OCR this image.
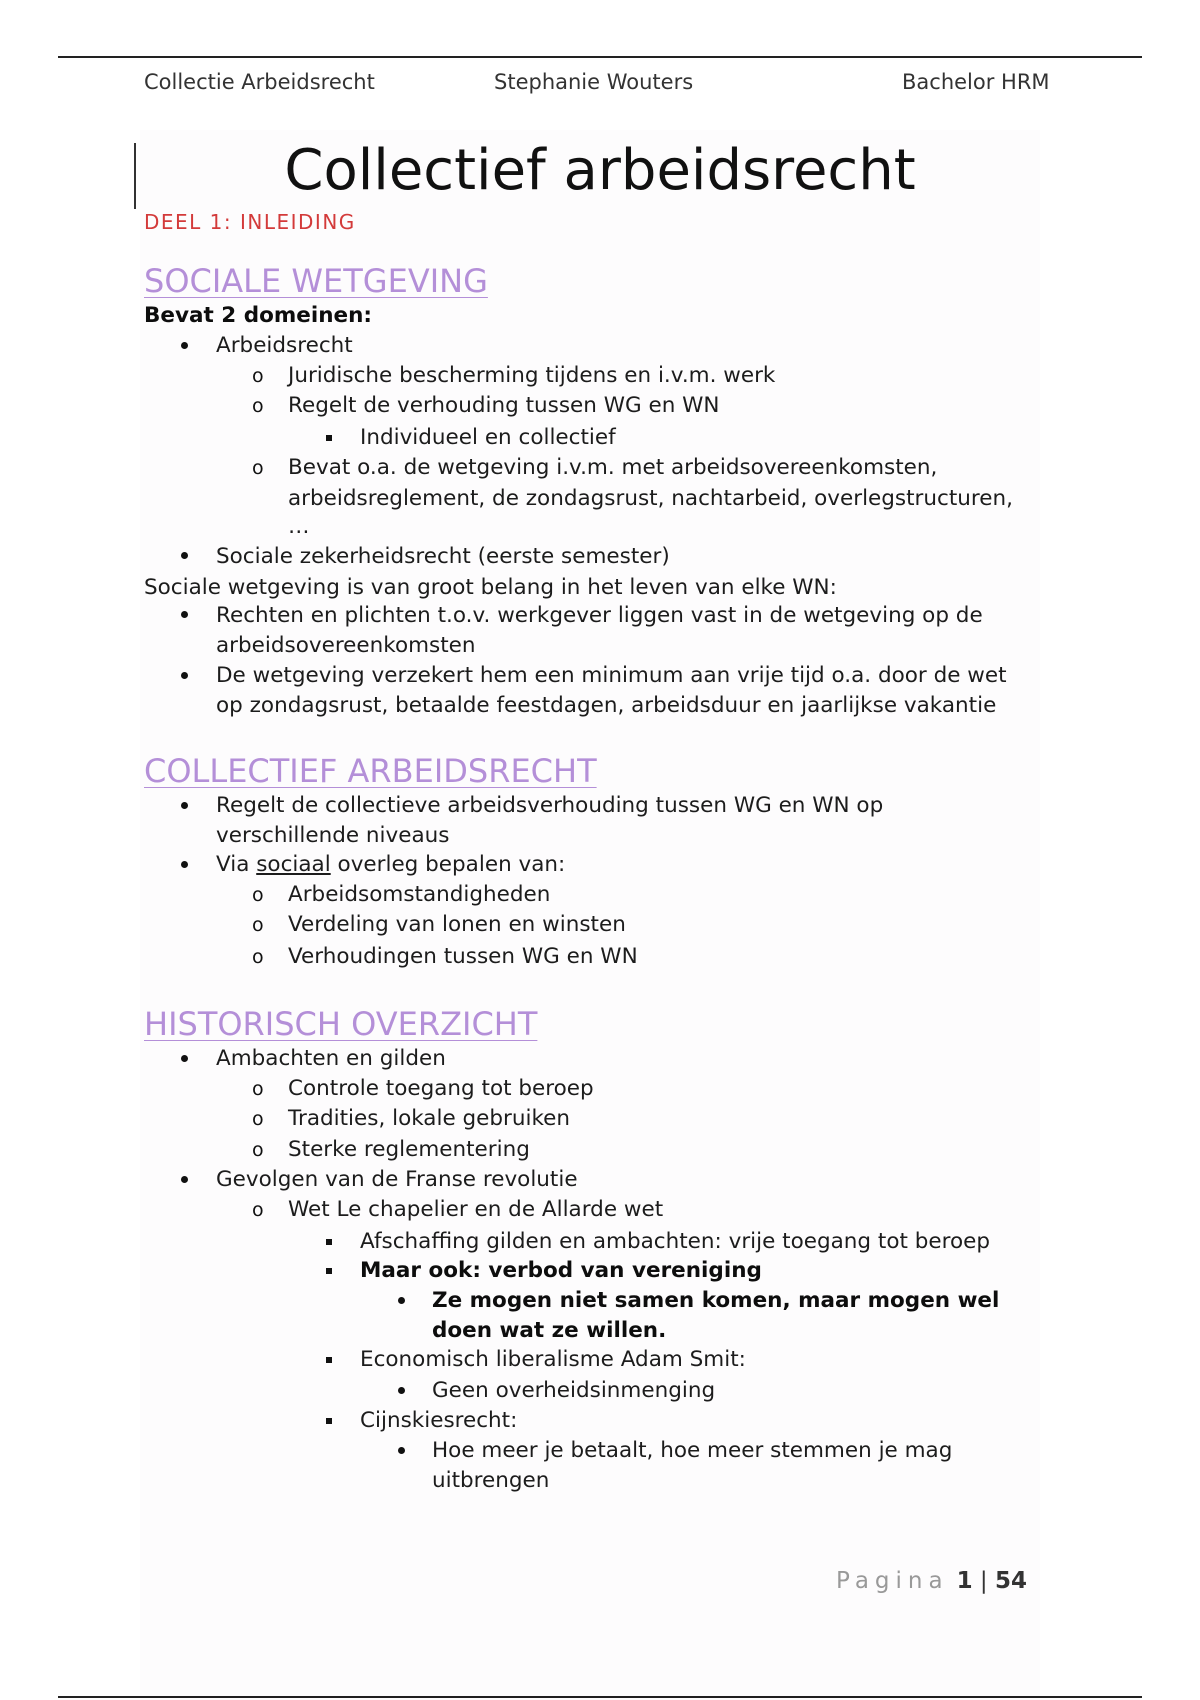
Collectie Arbeidsrecht	Stephanie Wouters	Bachelor HRM
Collectief arbeidsrecht
DEEL 1: INLEIDING
SOCIALE WETGEVING
Bevat 2 domeinen:
Arbeidsrecht
o Juridische bescherming tijdens en i.v.m. werk
o Regelt de verhouding tussen WG en WN
Individueel en collectief
o Bevat o.a. de wetgeving i.v.m. met arbeidsovereenkomsten,
arbeidsreglement, de zondagsrust, nachtarbeid, overlegstructuren,
…
Sociale zekerheidsrecht (eerste semester)
Sociale wetgeving is van groot belang in het leven van elke WN:
Rechten en plichten t.o.v. werkgever liggen vast in de wetgeving op de
arbeidsovereenkomsten
De wetgeving verzekert hem een minimum aan vrije tijd o.a. door de wet
op zondagsrust, betaalde feestdagen, arbeidsduur en jaarlijkse vakantie
COLLECTIEF ARBEIDSRECHT
Regelt de collectieve arbeidsverhouding tussen WG en WN op
verschillende niveaus
Via sociaal overleg bepalen van:
o Arbeidsomstandigheden
o Verdeling van lonen en winsten
o Verhoudingen tussen WG en WN
HISTORISCH OVERZICHT
Ambachten en gilden
o Controle toegang tot beroep
o Tradities, lokale gebruiken
o Sterke reglementering
Gevolgen van de Franse revolutie
o Wet Le chapelier en de Allarde wet
Afschaffing gilden en ambachten: vrije toegang tot beroep
Maar ook: verbod van vereniging
Ze mogen niet samen komen, maar mogen wel
doen wat ze willen.
Economisch liberalisme Adam Smit:
Geen overheidsinmenging
Cijnskiesrecht:
Hoe meer je betaalt, hoe meer stemmen je mag
uitbrengen
Pagina 1 | 54
